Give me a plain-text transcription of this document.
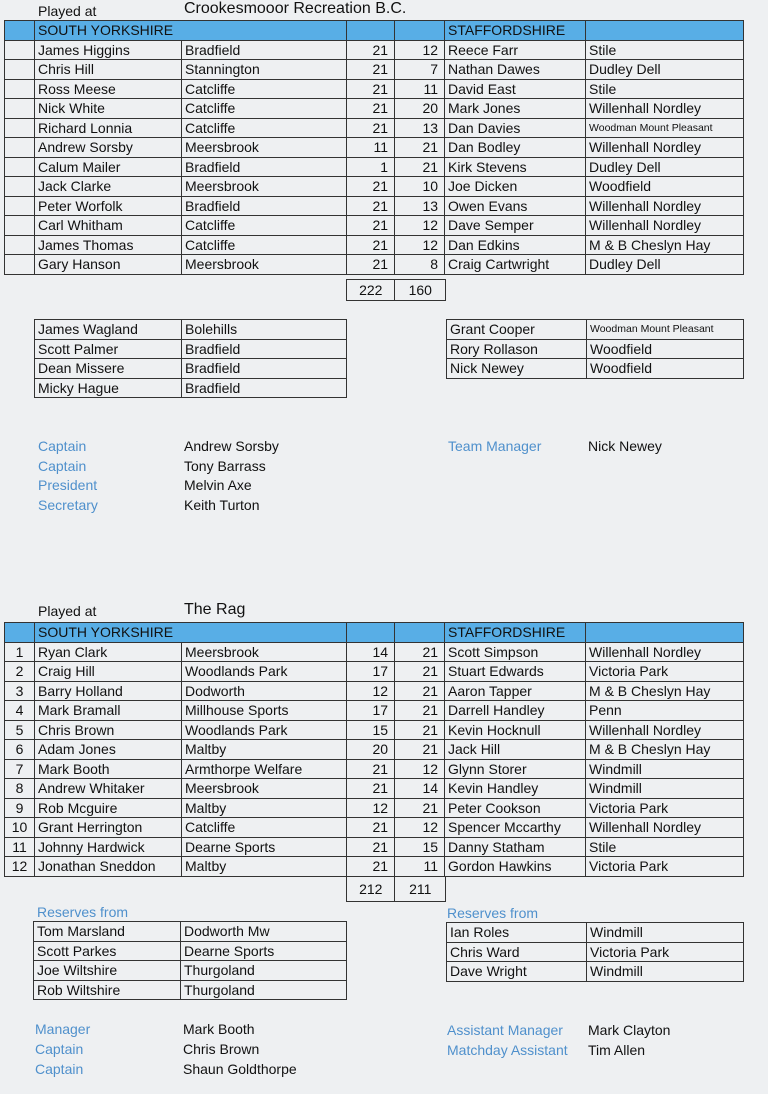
Played at	Crookesmooor Recreation B.C.
	SOUTH YORKSHIRE				STAFFORDSHIRE	
	James Higgins	Bradfield	21	12	Reece Farr	Stile
	Chris Hill	Stannington	21	7	Nathan Dawes	Dudley Dell
	Ross Meese	Catcliffe	21	11	David East	Stile
	Nick White	Catcliffe	21	20	Mark Jones	Willenhall Nordley
	Richard Lonnia	Catcliffe	21	13	Dan Davies	Woodman Mount Pleasant
	Andrew Sorsby	Meersbrook	11	21	Dan Bodley	Willenhall Nordley
	Calum Mailer	Bradfield	1	21	Kirk Stevens	Dudley Dell
	Jack Clarke	Meersbrook	21	10	Joe Dicken	Woodfield
	Peter Worfolk	Bradfield	21	13	Owen Evans	Willenhall Nordley
	Carl Whitham	Catcliffe	21	12	Dave Semper	Willenhall Nordley
	James Thomas	Catcliffe	21	12	Dan Edkins	M & B Cheslyn Hay
	Gary Hanson	Meersbrook	21	8	Craig Cartwright	Dudley Dell
222	160
James Wagland	Bolehills
Scott Palmer	Bradfield
Dean Missere	Bradfield
Micky Hague	Bradfield
Grant Cooper	Woodman Mount Pleasant
Rory Rollason	Woodfield
Nick Newey	Woodfield
Captain	Andrew Sorsby
Captain	Tony Barrass
President	Melvin Axe
Secretary	Keith Turton
Team Manager	Nick Newey
Played at	The Rag
	SOUTH YORKSHIRE				STAFFORDSHIRE	
1	Ryan Clark	Meersbrook	14	21	Scott Simpson	Willenhall Nordley
2	Craig Hill	Woodlands Park	17	21	Stuart Edwards	Victoria Park
3	Barry Holland	Dodworth	12	21	Aaron Tapper	M & B Cheslyn Hay
4	Mark Bramall	Millhouse Sports	17	21	Darrell Handley	Penn
5	Chris Brown	Woodlands Park	15	21	Kevin Hocknull	Willenhall Nordley
6	Adam Jones	Maltby	20	21	Jack Hill	M & B Cheslyn Hay
7	Mark Booth	Armthorpe Welfare	21	12	Glynn Storer	Windmill
8	Andrew Whitaker	Meersbrook	21	14	Kevin Handley	Windmill
9	Rob Mcguire	Maltby	12	21	Peter Cookson	Victoria Park
10	Grant Herrington	Catcliffe	21	12	Spencer Mccarthy	Willenhall Nordley
11	Johnny Hardwick	Dearne Sports	21	15	Danny Statham	Stile
12	Jonathan Sneddon	Maltby	21	11	Gordon Hawkins	Victoria Park
212	211
Reserves from	Reserves from
Tom Marsland	Dodworth Mw
Scott Parkes	Dearne Sports
Joe Wiltshire	Thurgoland
Rob Wiltshire	Thurgoland
Ian Roles	Windmill
Chris Ward	Victoria Park
Dave Wright	Windmill
Manager	Mark Booth
Captain	Chris Brown
Captain	Shaun Goldthorpe
Assistant Manager Mark Clayton
Matchday Assistant Tim Allen
